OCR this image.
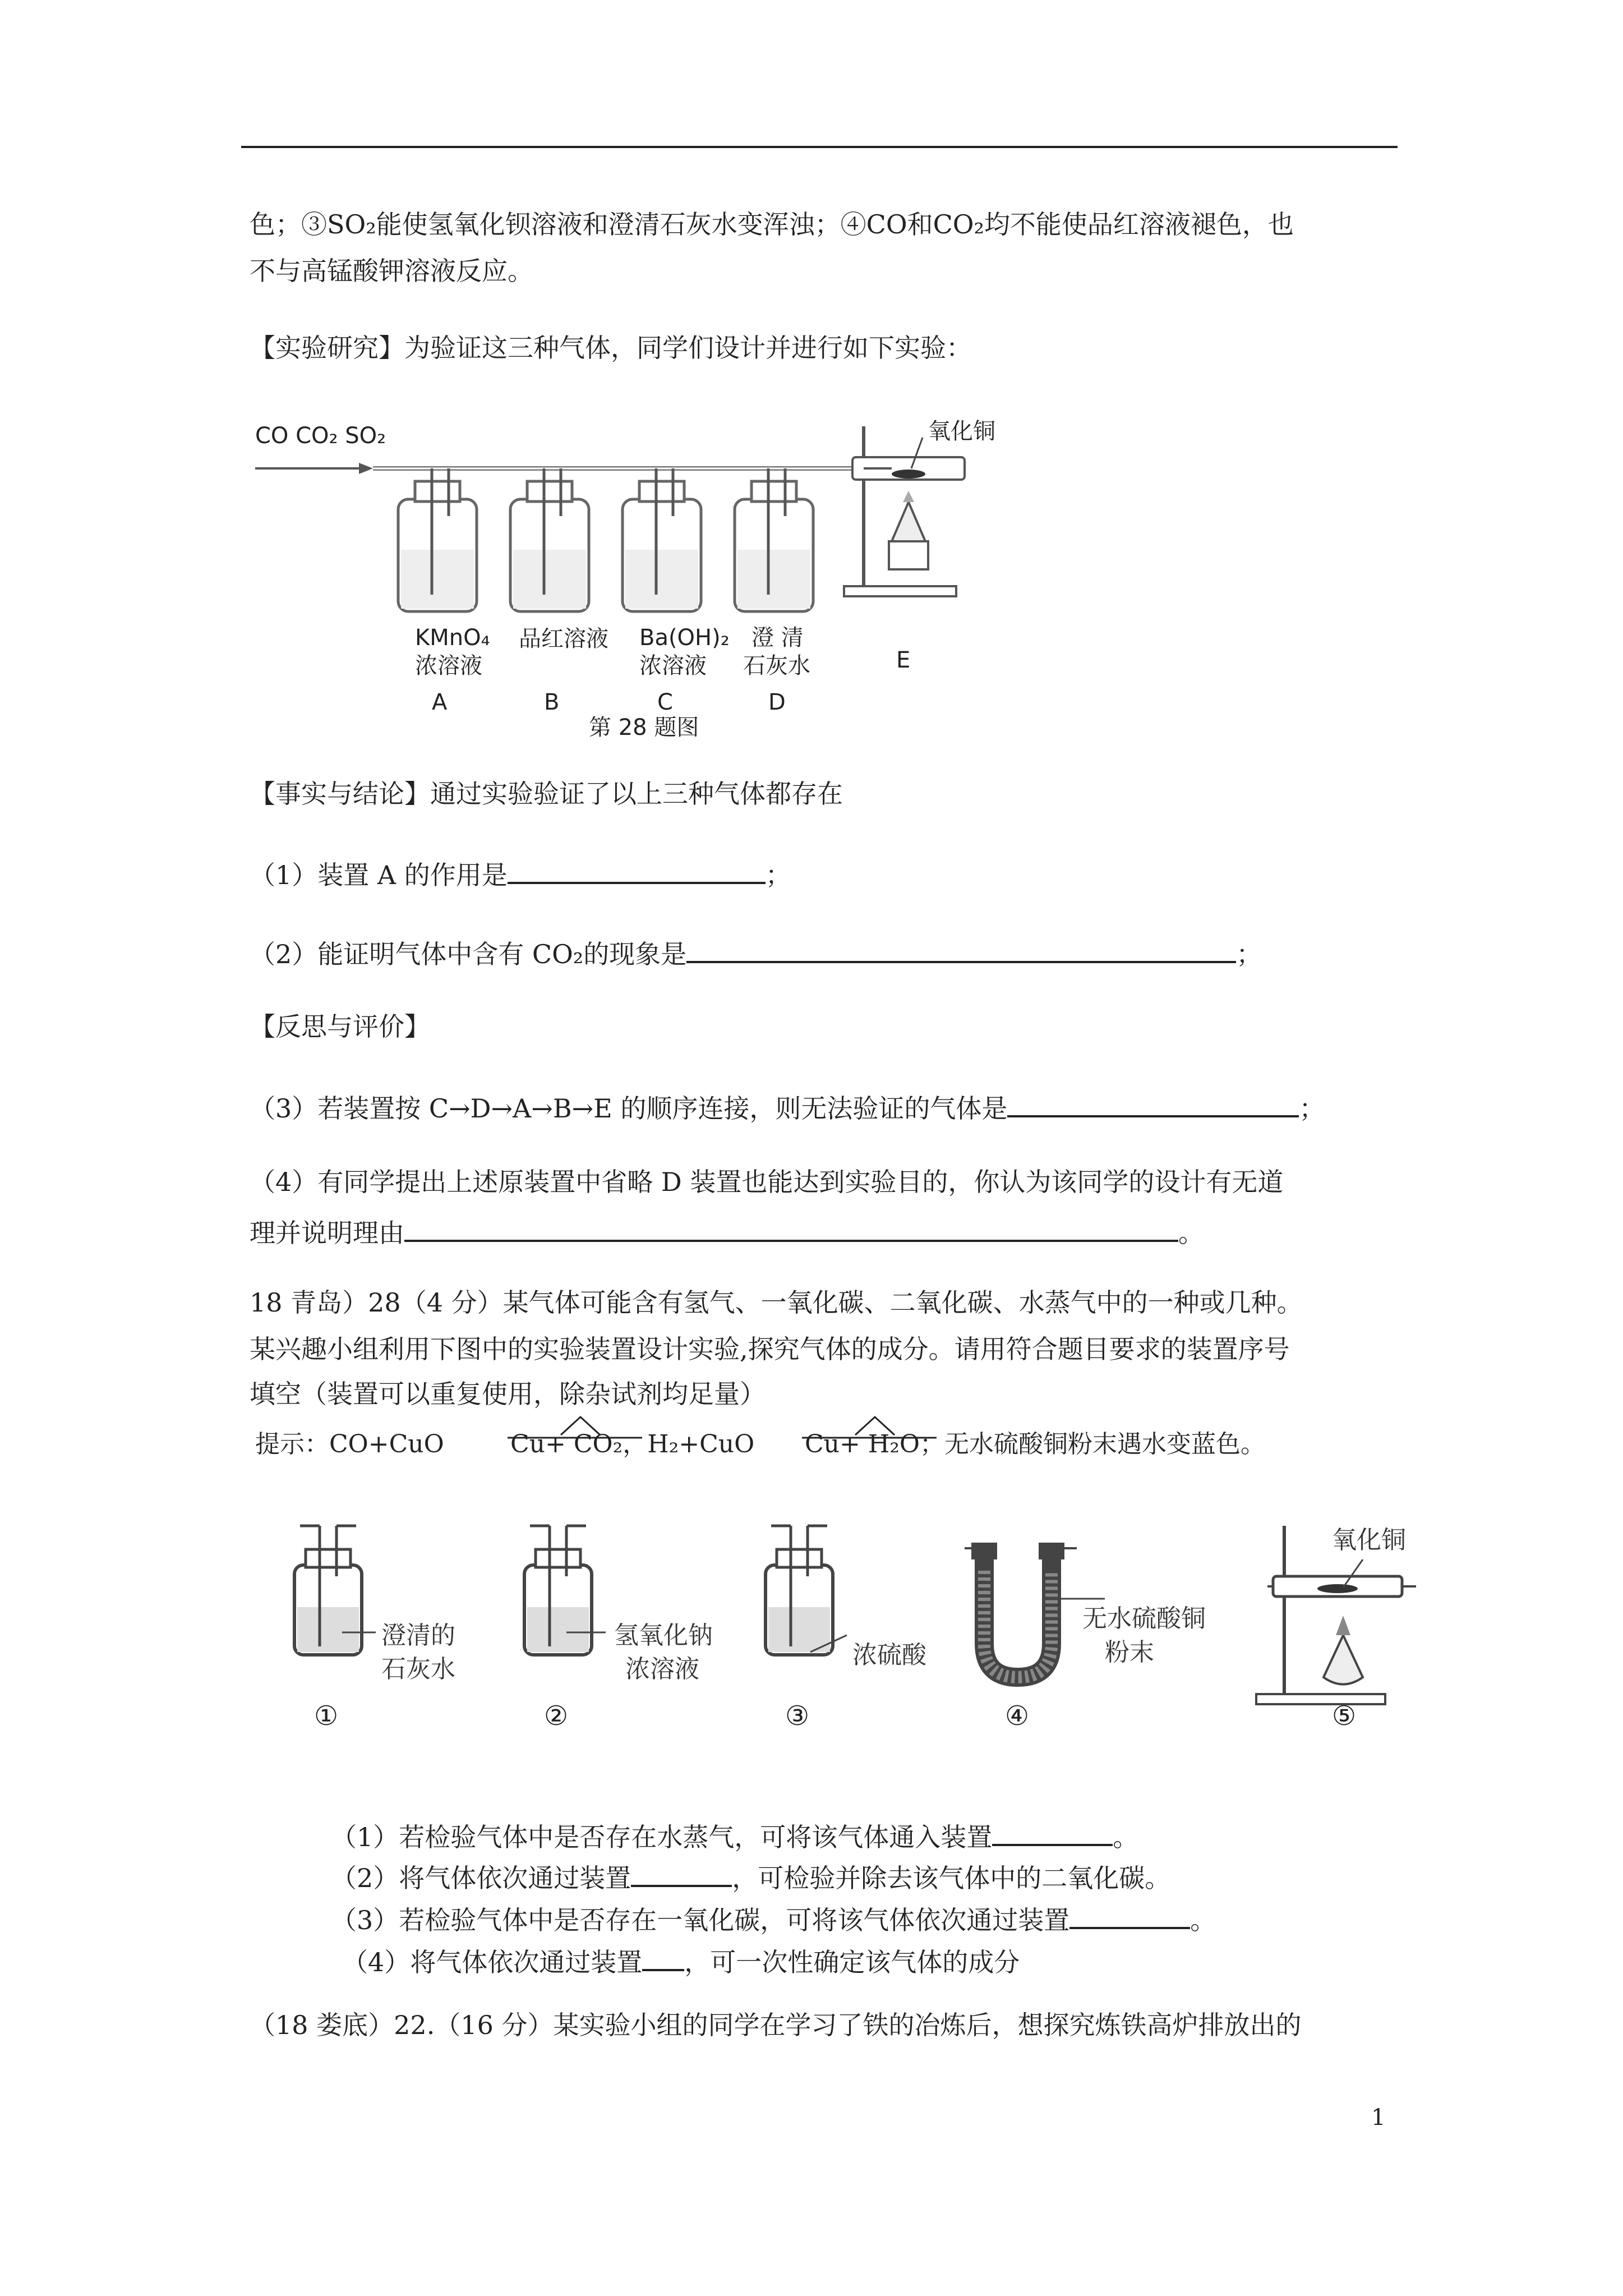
色；③SO₂能使氢氧化钡溶液和澄清石灰水变浑浊；④CO和CO₂均不能使品红溶液褪色，也
不与高锰酸钾溶液反应。
【实验研究】为验证这三种气体，同学们设计并进行如下实验：
CO CO₂ SO₂	氧化铜
KMnO₄
浓溶液
A
品红溶液
B
Ba(OH)₂
浓溶液
C
澄 清
石灰水
D
E
第 28 题图
【事实与结论】通过实验验证了以上三种气体都存在
（1）装置 A 的作用是	；
（2）能证明气体中含有 CO₂的现象是	；
【反思与评价】
（3）若装置按 C→D→A→B→E 的顺序连接，则无法验证的气体是	；
（4）有同学提出上述原装置中省略 D 装置也能达到实验目的，你认为该同学的设计有无道
理并说明理由	。
18 青岛）28（4 分）某气体可能含有氢气、一氧化碳、二氧化碳、水蒸气中的一种或几种。
某兴趣小组利用下图中的实验装置设计实验,探究气体的成分。请用符合题目要求的装置序号
填空（装置可以重复使用，除杂试剂均足量）
提示：CO+CuO	Cu+ CO₂，H₂+CuO Cu+ H₂O；无水硫酸铜粉末遇水变蓝色。
澄清的
石灰水
①
氢氧化钠
浓溶液
②
浓硫酸
③
无水硫酸铜
粉末
④
氧化铜
⑤
（1）若检验气体中是否存在水蒸气，可将该气体通入装置	。
（2）将气体依次通过装置	，可检验并除去该气体中的二氧化碳。
（3）若检验气体中是否存在一氧化碳，可将该气体依次通过装置	。
（4）将气体依次通过装置 ，可一次性确定该气体的成分
（18 娄底）22.（16 分）某实验小组的同学在学习了铁的冶炼后，想探究炼铁高炉排放出的
1
